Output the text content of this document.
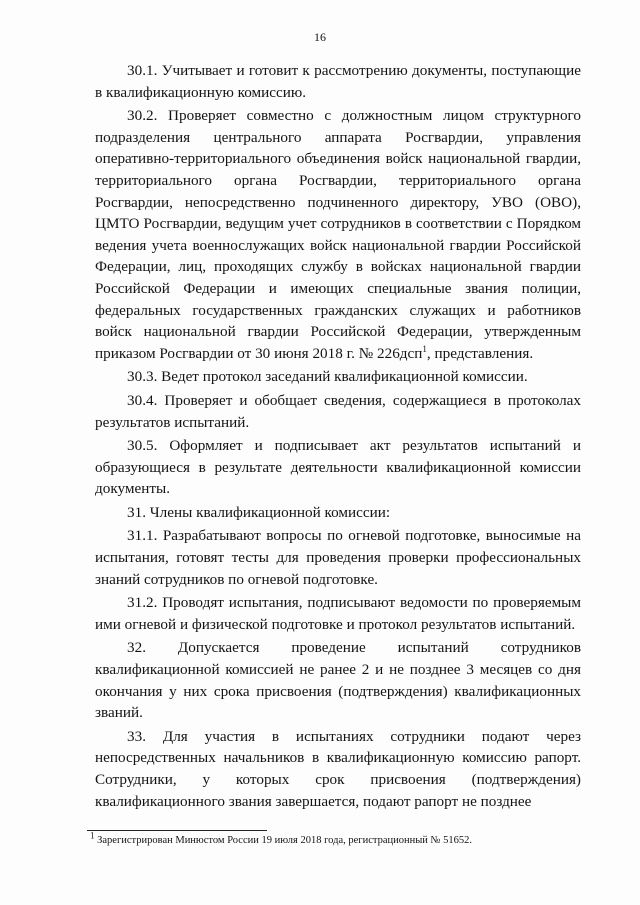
16

30.1. Учитывает и готовит к рассмотрению документы, поступающие в квалификационную комиссию.

30.2. Проверяет совместно с должностным лицом структурного подразделения центрального аппарата Росгвардии, управления оперативно-территориального объединения войск национальной гвардии, территориального органа Росгвардии, территориального органа Росгвардии, непосредственно подчиненного директору, УВО (ОВО), ЦМТО Росгвардии, ведущим учет сотрудников в соответствии с Порядком ведения учета военнослужащих войск национальной гвардии Российской Федерации, лиц, проходящих службу в войсках национальной гвардии Российской Федерации и имеющих специальные звания полиции, федеральных государственных гражданских служащих и работников войск национальной гвардии Российской Федерации, утвержденным приказом Росгвардии от 30 июня 2018 г. № 226дсп$^1$, представления.

30.3. Ведет протокол заседаний квалификационной комиссии.

30.4. Проверяет и обобщает сведения, содержащиеся в протоколах результатов испытаний.

30.5. Оформляет и подписывает акт результатов испытаний и образующиеся в результате деятельности квалификационной комиссии документы.

31. Члены квалификационной комиссии:

31.1. Разрабатывают вопросы по огневой подготовке, выносимые на испытания, готовят тесты для проведения проверки профессиональных знаний сотрудников по огневой подготовке.

31.2. Проводят испытания, подписывают ведомости по проверяемым ими огневой и физической подготовке и протокол результатов испытаний.

32. Допускается проведение испытаний сотрудников квалификационной комиссией не ранее 2 и не позднее 3 месяцев со дня окончания у них срока присвоения (подтверждения) квалификационных званий.

33. Для участия в испытаниях сотрудники подают через непосредственных начальников в квалификационную комиссию рапорт. Сотрудники, у которых срок присвоения (подтверждения) квалификационного звания завершается, подают рапорт не позднее

$^1$ Зарегистрирован Минюстом России 19 июля 2018 года, регистрационный № 51652.
